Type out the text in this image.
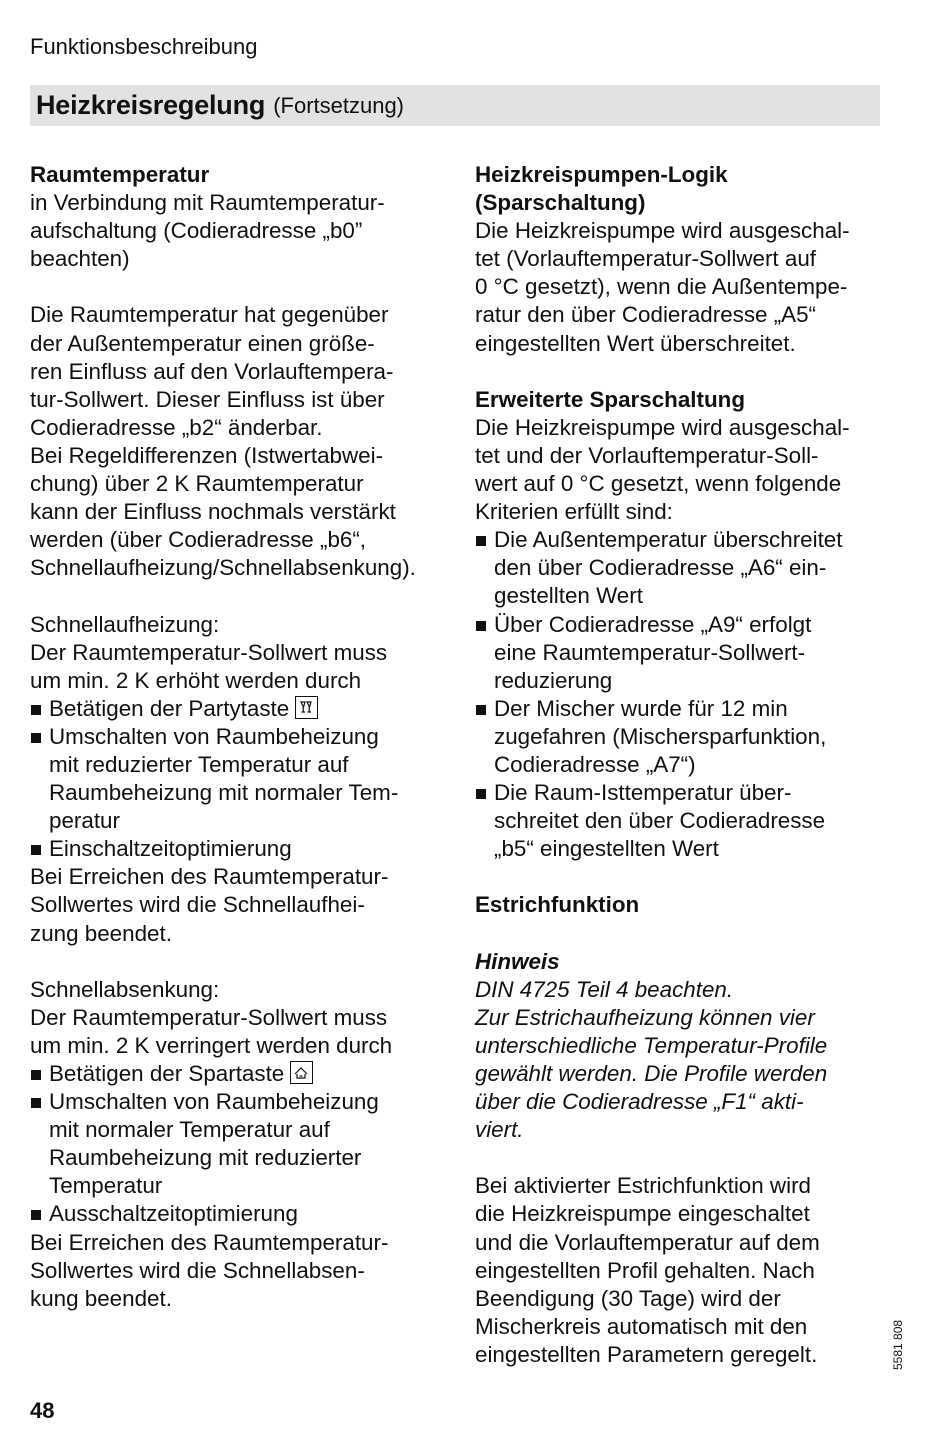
Funktionsbeschreibung
Heizkreisregelung (Fortsetzung)

Raumtemperatur

in Verbindung mit Raumtemperatur-
aufschaltung (Codieradresse „b0”
beachten)

Die Raumtemperatur hat gegenüber
der Außentemperatur einen größe-
ren Einfluss auf den Vorlauftempera-
tur-Sollwert. Dieser Einfluss ist über
Codieradresse „b2“ änderbar.
Bei Regeldifferenzen (Istwertabwei-
chung) über 2 K Raumtemperatur
kann der Einfluss nochmals verstärkt
werden (über Codieradresse „b6“,
Schnellaufheizung/Schnellabsenkung).

Schnellaufheizung:

Der Raumtemperatur-Sollwert muss
um min. 2 K erhöht werden durch

Betätigen der Partytaste
Umschalten von Raumbeheizung
mit reduzierter Temperatur auf
Raumbeheizung mit normaler Tem-
peratur
Einschaltzeitoptimierung

Bei Erreichen des Raumtemperatur-
Sollwertes wird die Schnellaufhei-
zung beendet.

Schnellabsenkung:

Der Raumtemperatur-Sollwert muss
um min. 2 K verringert werden durch

Betätigen der Spartaste
Umschalten von Raumbeheizung
mit normaler Temperatur auf
Raumbeheizung mit reduzierter
Temperatur
Ausschaltzeitoptimierung

Bei Erreichen des Raumtemperatur-
Sollwertes wird die Schnellabsen-
kung beendet.

Heizkreispumpen-Logik
(Sparschaltung)

Die Heizkreispumpe wird ausgeschal-
tet (Vorlauftemperatur-Sollwert auf
0 °C gesetzt), wenn die Außentempe-
ratur den über Codieradresse „A5“
eingestellten Wert überschreitet.

Erweiterte Sparschaltung

Die Heizkreispumpe wird ausgeschal-
tet und der Vorlauftemperatur-Soll-
wert auf 0 °C gesetzt, wenn folgende
Kriterien erfüllt sind:

Die Außentemperatur überschreitet
den über Codieradresse „A6“ ein-
gestellten Wert
Über Codieradresse „A9“ erfolgt
eine Raumtemperatur-Sollwert-
reduzierung
Der Mischer wurde für 12 min
zugefahren (Mischersparfunktion,
Codieradresse „A7“)
Die Raum-Isttemperatur über-
schreitet den über Codieradresse
„b5“ eingestellten Wert

Estrichfunktion

Hinweis

DIN 4725 Teil 4 beachten.
Zur Estrichaufheizung können vier
unterschiedliche Temperatur-Profile
gewählt werden. Die Profile werden
über die Codieradresse „F1“ akti-
viert.

Bei aktivierter Estrichfunktion wird
die Heizkreispumpe eingeschaltet
und die Vorlauftemperatur auf dem
eingestellten Profil gehalten. Nach
Beendigung (30 Tage) wird der
Mischerkreis automatisch mit den
eingestellten Parametern geregelt.	5581 808
48
